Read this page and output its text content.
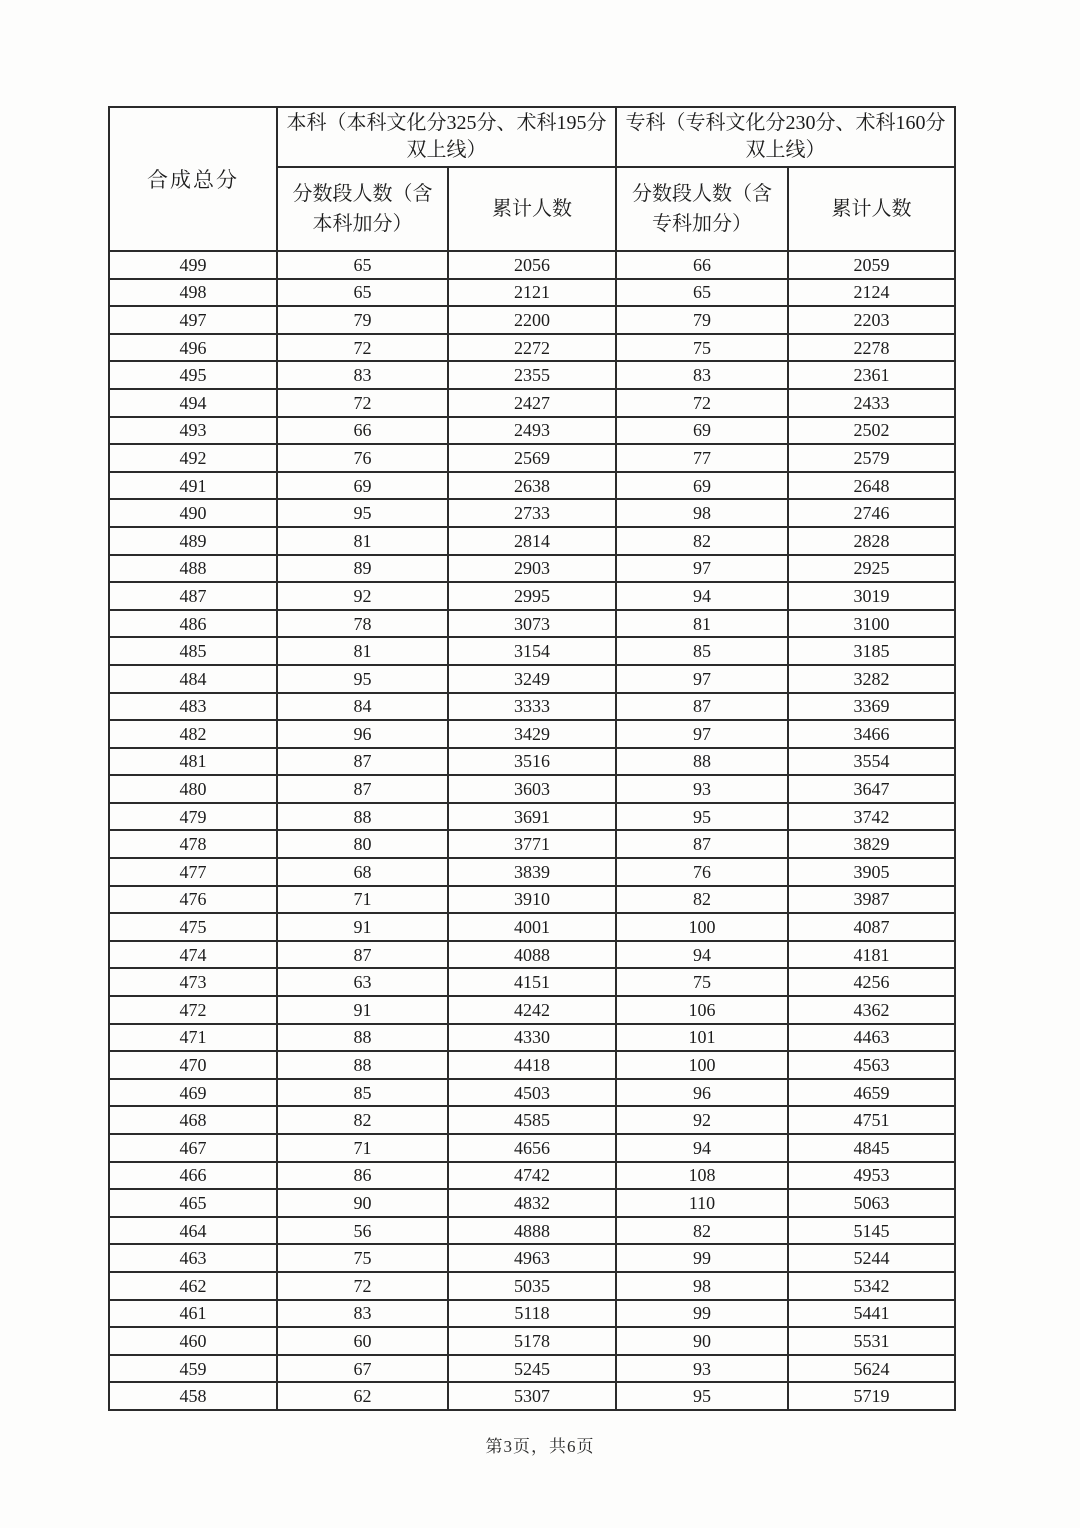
合成总分	本科（本科文化分325分、术科195分双上线）		专科（专科文化分230分、术科160分双上线）	
	分数段人数（含本科加分）	累计人数	分数段人数（含专科加分）	累计人数
499	65	2056	66	2059
498	65	2121	65	2124
497	79	2200	79	2203
496	72	2272	75	2278
495	83	2355	83	2361
494	72	2427	72	2433
493	66	2493	69	2502
492	76	2569	77	2579
491	69	2638	69	2648
490	95	2733	98	2746
489	81	2814	82	2828
488	89	2903	97	2925
487	92	2995	94	3019
486	78	3073	81	3100
485	81	3154	85	3185
484	95	3249	97	3282
483	84	3333	87	3369
482	96	3429	97	3466
481	87	3516	88	3554
480	87	3603	93	3647
479	88	3691	95	3742
478	80	3771	87	3829
477	68	3839	76	3905
476	71	3910	82	3987
475	91	4001	100	4087
474	87	4088	94	4181
473	63	4151	75	4256
472	91	4242	106	4362
471	88	4330	101	4463
470	88	4418	100	4563
469	85	4503	96	4659
468	82	4585	92	4751
467	71	4656	94	4845
466	86	4742	108	4953
465	90	4832	110	5063
464	56	4888	82	5145
463	75	4963	99	5244
462	72	5035	98	5342
461	83	5118	99	5441
460	60	5178	90	5531
459	67	5245	93	5624
458	62	5307	95	5719
第3页，共6页
